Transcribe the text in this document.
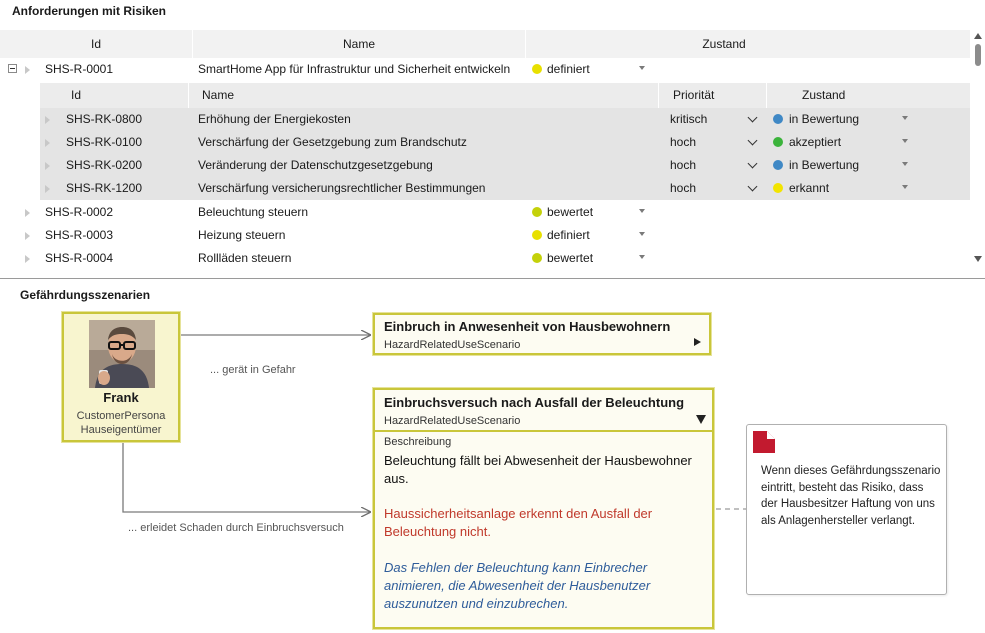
Anforderungen mit Risiken
Id	Name	Zustand
SHS-R-0001	SmartHome App für Infrastruktur und Sicherheit entwickeln	definiert
Id	Name	Priorität	Zustand
SHS-RK-0800	Erhöhung der Energiekosten	kritisch	in Bewertung
SHS-RK-0100	Verschärfung der Gesetzgebung zum Brandschutz	hoch	akzeptiert
SHS-RK-0200	Veränderung der Datenschutzgesetzgebung	hoch	in Bewertung
SHS-RK-1200	Verschärfung versicherungsrechtlicher Bestimmungen	hoch	erkannt
SHS-R-0002	Beleuchtung steuern	bewertet
SHS-R-0003	Heizung steuern	definiert
SHS-R-0004	Rollläden steuern	bewertet
Gefährdungsszenarien
... gerät in Gefahr
... erleidet Schaden durch Einbruchsversuch
Frank
CustomerPersona
Hauseigentümer
Einbruch in Anwesenheit von Hausbewohnern
HazardRelatedUseScenario
Einbruchsversuch nach Ausfall der Beleuchtung
HazardRelatedUseScenario
Beschreibung
Beleuchtung fällt bei Abwesenheit der Hausbewohner aus.
Haussicherheitsanlage erkennt den Ausfall der Beleuchtung nicht.
Das Fehlen der Beleuchtung kann Einbrecher animieren, die Abwesenheit der Hausbenutzer auszunutzen und einzubrechen.
Wenn dieses Gefährdungsszenario eintritt, besteht das Risiko, dass der Hausbesitzer Haftung von uns als Anlagenhersteller verlangt.
